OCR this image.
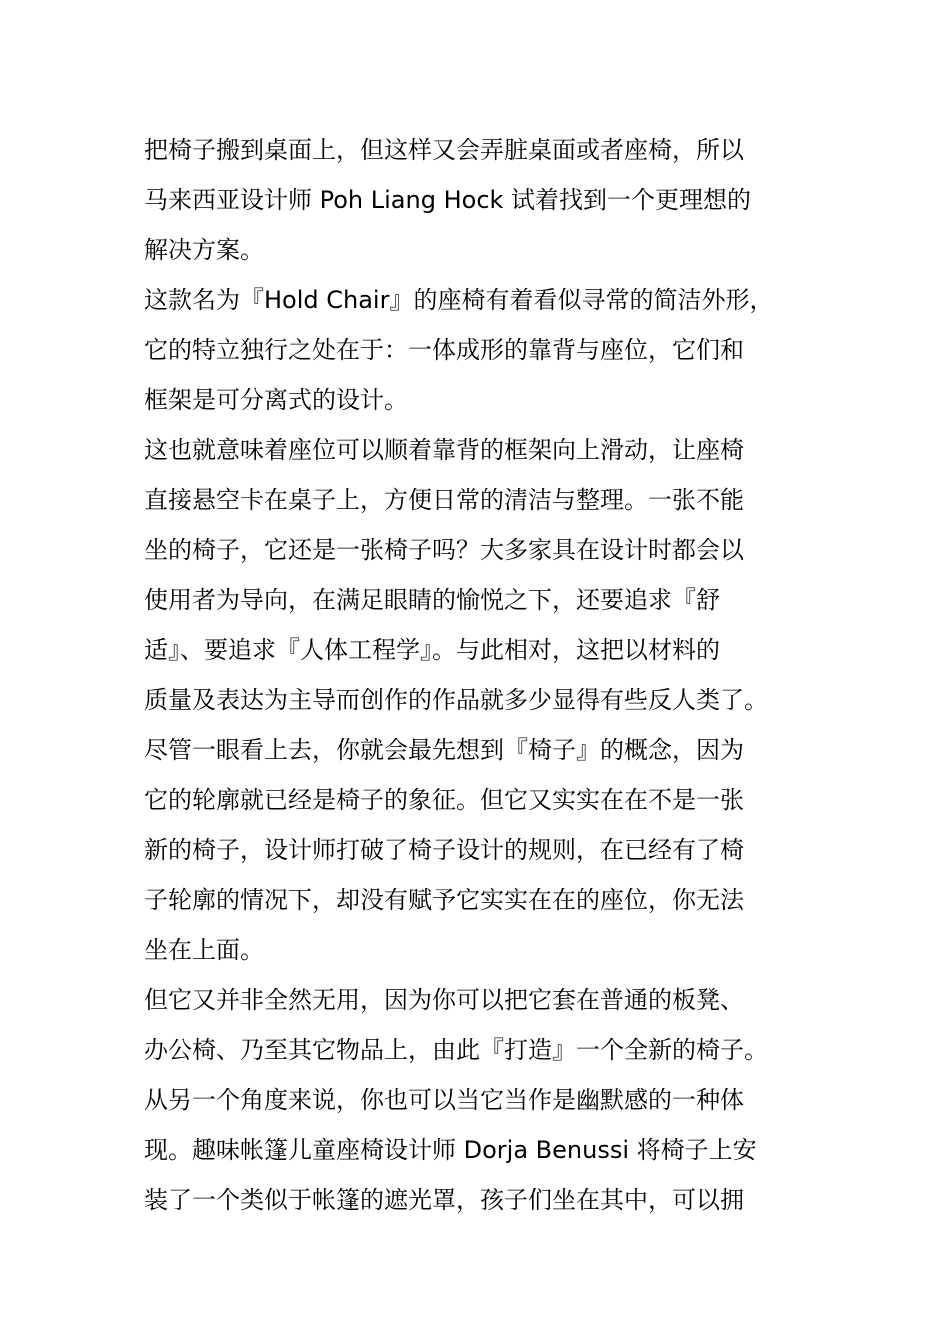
把椅子搬到桌面上，但这样又会弄脏桌面或者座椅，所以
马来西亚设计师 Poh Liang Hock 试着找到一个更理想的
解决方案。
这款名为『Hold Chair』的座椅有着看似寻常的简洁外形，
它的特立独行之处在于：一体成形的靠背与座位，它们和
框架是可分离式的设计。
这也就意味着座位可以顺着靠背的框架向上滑动，让座椅
直接悬空卡在桌子上，方便日常的清洁与整理。一张不能
坐的椅子，它还是一张椅子吗？大多家具在设计时都会以
使用者为导向，在满足眼睛的愉悦之下，还要追求『舒
适』、要追求『人体工程学』。与此相对，这把以材料的
质量及表达为主导而创作的作品就多少显得有些反人类了。
尽管一眼看上去，你就会最先想到『椅子』的概念，因为
它的轮廓就已经是椅子的象征。但它又实实在在不是一张
新的椅子，设计师打破了椅子设计的规则，在已经有了椅
子轮廓的情况下，却没有赋予它实实在在的座位，你无法
坐在上面。
但它又并非全然无用，因为你可以把它套在普通的板凳、
办公椅、乃至其它物品上，由此『打造』一个全新的椅子。
从另一个角度来说，你也可以当它当作是幽默感的一种体
现。趣味帐篷儿童座椅设计师 Dorja Benussi 将椅子上安
装了一个类似于帐篷的遮光罩，孩子们坐在其中，可以拥
